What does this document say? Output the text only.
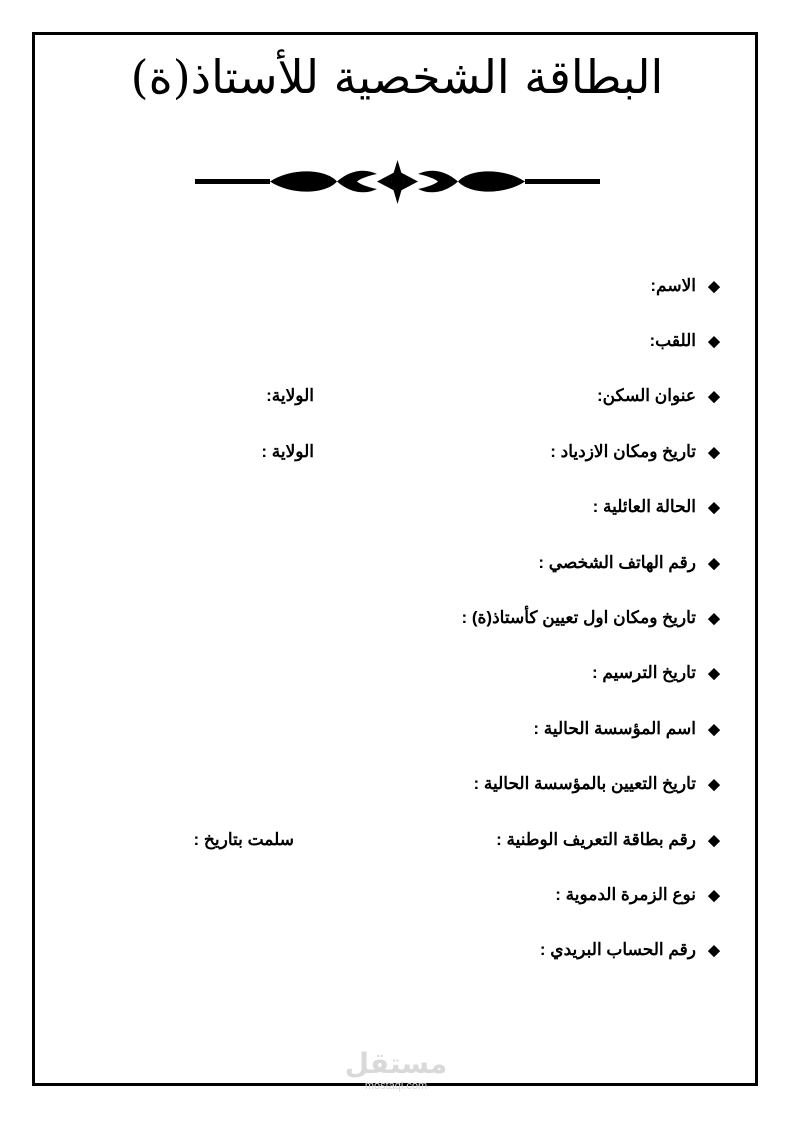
البطاقة الشخصية للأستاذ(ة)
◆
الاسم:
◆
اللقب:
◆
عنوان السكن:
الولاية:
◆
تاريخ ومكان الازدياد :
الولاية :
◆
الحالة العائلية :
◆
رقم الهاتف الشخصي :
◆
تاريخ ومكان اول تعيين كأستاذ(ة) :
◆
تاريخ الترسيم :
◆
اسم المؤسسة الحالية :
◆
تاريخ التعيين بالمؤسسة الحالية :
◆
رقم بطاقة التعريف الوطنية :
سلمت بتاريخ :
◆
نوع الزمرة الدموية :
◆
رقم الحساب البريدي :
مستقل
mostaql.com
